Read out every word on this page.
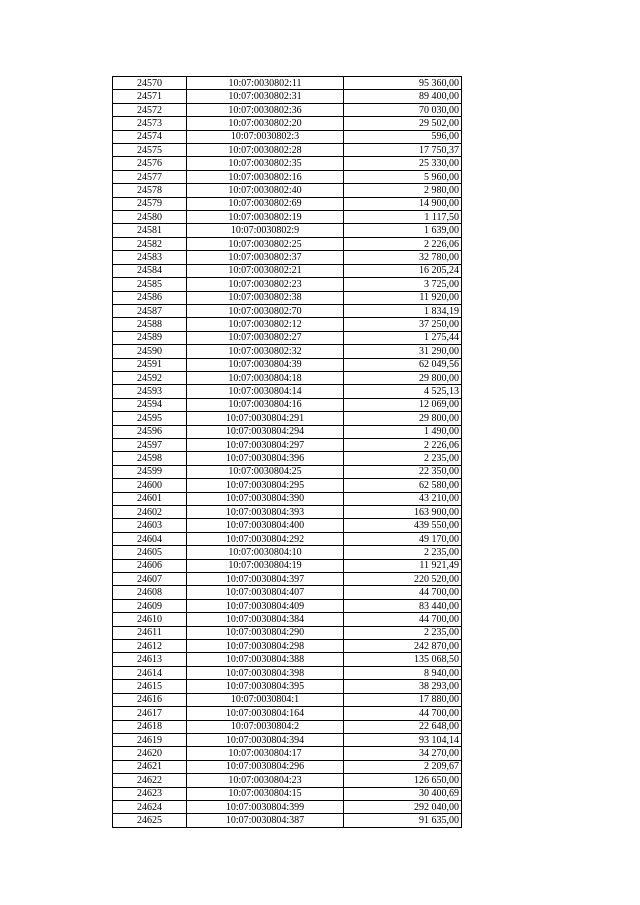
24570	10:07:0030802:11	95 360,00
24571	10:07:0030802:31	89 400,00
24572	10:07:0030802:36	70 030,00
24573	10:07:0030802:20	29 502,00
24574	10:07:0030802:3	596,00
24575	10:07:0030802:28	17 750,37
24576	10:07:0030802:35	25 330,00
24577	10:07:0030802:16	5 960,00
24578	10:07:0030802:40	2 980,00
24579	10:07:0030802:69	14 900,00
24580	10:07:0030802:19	1 117,50
24581	10:07:0030802:9	1 639,00
24582	10:07:0030802:25	2 226,06
24583	10:07:0030802:37	32 780,00
24584	10:07:0030802:21	16 205,24
24585	10:07:0030802:23	3 725,00
24586	10:07:0030802:38	11 920,00
24587	10:07:0030802:70	1 834,19
24588	10:07:0030802:12	37 250,00
24589	10:07:0030802:27	1 275,44
24590	10:07:0030802:32	31 290,00
24591	10:07:0030804:39	62 049,56
24592	10:07:0030804:18	29 800,00
24593	10:07:0030804:14	4 525,13
24594	10:07:0030804:16	12 069,00
24595	10:07:0030804:291	29 800,00
24596	10:07:0030804:294	1 490,00
24597	10:07:0030804:297	2 226,06
24598	10:07:0030804:396	2 235,00
24599	10:07:0030804:25	22 350,00
24600	10:07:0030804:295	62 580,00
24601	10:07:0030804:390	43 210,00
24602	10:07:0030804:393	163 900,00
24603	10:07:0030804:400	439 550,00
24604	10:07:0030804:292	49 170,00
24605	10:07:0030804:10	2 235,00
24606	10:07:0030804:19	11 921,49
24607	10:07:0030804:397	220 520,00
24608	10:07:0030804:407	44 700,00
24609	10:07:0030804:409	83 440,00
24610	10:07:0030804:384	44 700,00
24611	10:07:0030804:290	2 235,00
24612	10:07:0030804:298	242 870,00
24613	10:07:0030804:388	135 068,50
24614	10:07:0030804:398	8 940,00
24615	10:07:0030804:395	38 293,00
24616	10:07:0030804:1	17 880,00
24617	10:07:0030804:164	44 700,00
24618	10:07:0030804:2	22 648,00
24619	10:07:0030804:394	93 104,14
24620	10:07:0030804:17	34 270,00
24621	10:07:0030804:296	2 209,67
24622	10:07:0030804:23	126 650,00
24623	10:07:0030804:15	30 400,69
24624	10:07:0030804:399	292 040,00
24625	10:07:0030804:387	91 635,00
